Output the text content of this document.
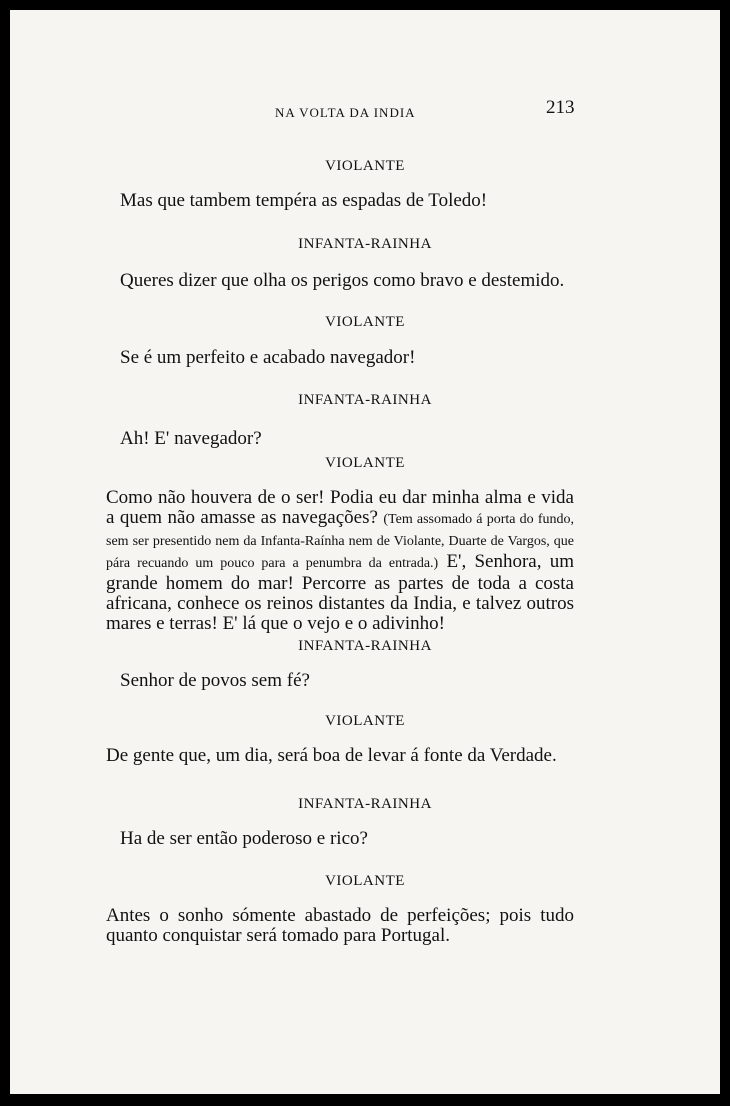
NA VOLTA DA INDIA	213
VIOLANTE
Mas que tambem tempéra as espadas de Toledo!
INFANTA-RAINHA
Queres dizer que olha os perigos como bravo e destemido.
VIOLANTE
Se é um perfeito e acabado navegador!
INFANTA-RAINHA
Ah! E' navegador?
VIOLANTE
Como não houvera de o ser! Podia eu dar minha alma e vida a quem não amasse as navegações? (Tem assomado á porta do fundo, sem ser presentido nem da Infanta-Raínha nem de Violante, Duarte de Vargos, que pára recuando um pouco para a penumbra da entrada.) E', Senhora, um grande homem do mar! Percorre as partes de toda a costa africana, conhece os reinos distantes da India, e talvez outros mares e terras! E' lá que o vejo e o adivinho!
INFANTA-RAINHA
Senhor de povos sem fé?
VIOLANTE
De gente que, um dia, será boa de levar á fonte da Verdade.
INFANTA-RAINHA
Ha de ser então poderoso e rico?
VIOLANTE
Antes o sonho sómente abastado de perfeições; pois tudo quanto conquistar será tomado para Portugal.
